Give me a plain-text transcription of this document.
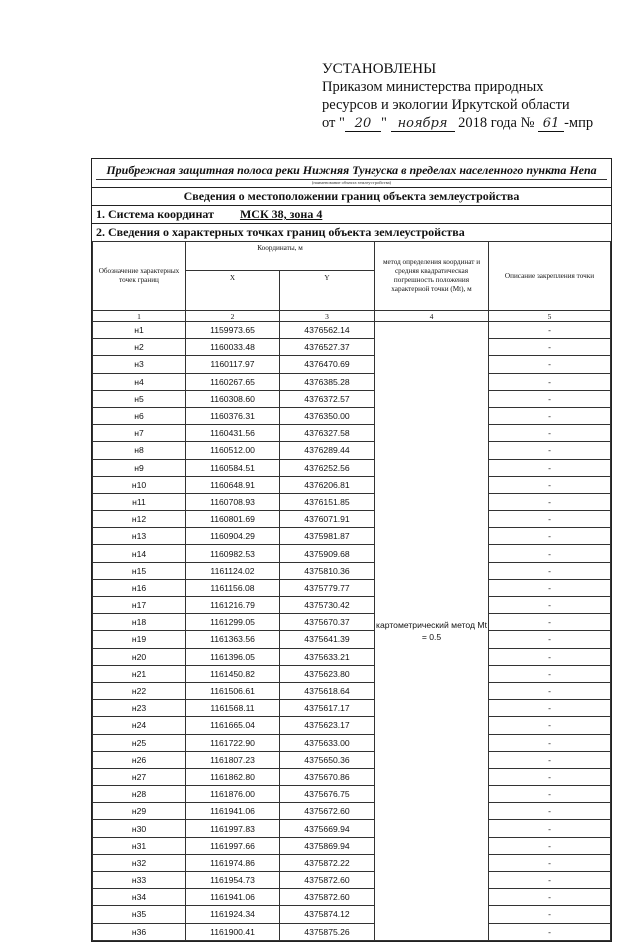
УСТАНОВЛЕНЫ
Приказом министерства природных
ресурсов и экологии Иркутской области
от " 20 " ноября 2018 года № 61 -мпр
Прибрежная защитная полоса реки Нижняя Тунгуска в пределах населенного пункта Непа
(наименование объекта землеустройства)
Сведения о местоположении границ объекта землеустройства
1. Система координат МСК 38, зона 4
2. Сведения о характерных точках границ объекта землеустройства
Обозначение характерных точек границ	Координаты, м		метод определения координат и средняя квадратическая погрешность положения характерной точки (Mt), м	Описание закрепления точки
	X	Y		
1	2	3	4	5
н1	1159973.65	4376562.14	картометрический метод Mt = 0.5	-
н2	1160033.48	4376527.37		-
н3	1160117.97	4376470.69		-
н4	1160267.65	4376385.28		-
н5	1160308.60	4376372.57		-
н6	1160376.31	4376350.00		-
н7	1160431.56	4376327.58		-
н8	1160512.00	4376289.44		-
н9	1160584.51	4376252.56		-
н10	1160648.91	4376206.81		-
н11	1160708.93	4376151.85		-
н12	1160801.69	4376071.91		-
н13	1160904.29	4375981.87		-
н14	1160982.53	4375909.68		-
н15	1161124.02	4375810.36		-
н16	1161156.08	4375779.77		-
н17	1161216.79	4375730.42		-
н18	1161299.05	4375670.37		-
н19	1161363.56	4375641.39		-
н20	1161396.05	4375633.21		-
н21	1161450.82	4375623.80		-
н22	1161506.61	4375618.64		-
н23	1161568.11	4375617.17		-
н24	1161665.04	4375623.17		-
н25	1161722.90	4375633.00		-
н26	1161807.23	4375650.36		-
н27	1161862.80	4375670.86		-
н28	1161876.00	4375676.75		-
н29	1161941.06	4375672.60		-
н30	1161997.83	4375669.94		-
н31	1161997.66	4375869.94		-
н32	1161974.86	4375872.22		-
н33	1161954.73	4375872.60		-
н34	1161941.06	4375872.60		-
н35	1161924.34	4375874.12		-
н36	1161900.41	4375875.26		-
